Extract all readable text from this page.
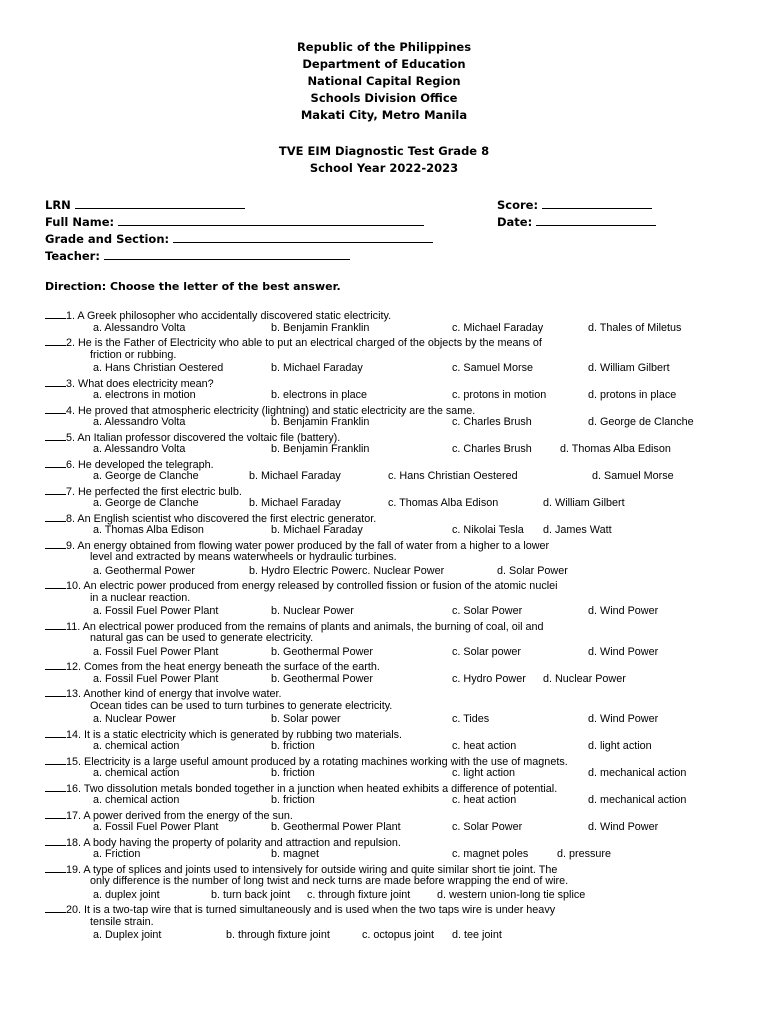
Republic of the Philippines
Department of Education
National Capital Region
Schools Division Office
Makati City, Metro Manila
TVE EIM Diagnostic Test Grade 8
School Year 2022-2023
LRN
Full Name:
Grade and Section:
Teacher:
Score:
Date:
Direction: Choose the letter of the best answer.
1. A Greek philosopher who accidentally discovered static electricity.
a. Alessandro Volta	b. Benjamin Franklin	c. Michael Faraday	d. Thales of Miletus
2. He is the Father of Electricity who able to put an electrical charged of the objects by the means of
friction or rubbing.
a. Hans Christian Oestered	b. Michael Faraday	c. Samuel Morse	d. William Gilbert
3. What does electricity mean?
a. electrons in motion	b. electrons in place	c. protons in motion	d. protons in place
4. He proved that atmospheric electricity (lightning) and static electricity are the same.
a. Alessandro Volta	b. Benjamin Franklin	c. Charles Brush	d. George de Clanche
5. An Italian professor discovered the voltaic file (battery).
a. Alessandro Volta	b. Benjamin Franklin	c. Charles Brush	d. Thomas Alba Edison
6. He developed the telegraph.
a. George de Clanche	b. Michael Faraday	c. Hans Christian Oestered	d. Samuel Morse
7. He perfected the first electric bulb.
a. George de Clanche	b. Michael Faraday	c. Thomas Alba Edison	d. William Gilbert
8. An English scientist who discovered the first electric generator.
a. Thomas Alba Edison	b. Michael Faraday	c. Nikolai Tesla d. James Watt
9. An energy obtained from flowing water power produced by the fall of water from a higher to a lower
level and extracted by means waterwheels or hydraulic turbines.
a. Geothermal Power	b. Hydro Electric Power c. Nuclear Power	d. Solar Power
10. An electric power produced from energy released by controlled fission or fusion of the atomic nuclei
in a nuclear reaction.
a. Fossil Fuel Power Plant	b. Nuclear Power	c. Solar Power	d. Wind Power
11. An electrical power produced from the remains of plants and animals, the burning of coal, oil and
natural gas can be used to generate electricity.
a. Fossil Fuel Power Plant	b. Geothermal Power	c. Solar power	d. Wind Power
12. Comes from the heat energy beneath the surface of the earth.
a. Fossil Fuel Power Plant	b. Geothermal Power	c. Hydro Power d. Nuclear Power
13. Another kind of energy that involve water.
Ocean tides can be used to turn turbines to generate electricity.
a. Nuclear Power	b. Solar power	c. Tides	d. Wind Power
14. It is a static electricity which is generated by rubbing two materials.
a. chemical action	b. friction	c. heat action	d. light action
15. Electricity is a large useful amount produced by a rotating machines working with the use of magnets.
a. chemical action	b. friction	c. light action	d. mechanical action
16. Two dissolution metals bonded together in a junction when heated exhibits a difference of potential.
a. chemical action	b. friction	c. heat action	d. mechanical action
17. A power derived from the energy of the sun.
a. Fossil Fuel Power Plant	b. Geothermal Power Plant	c. Solar Power	d. Wind Power
18. A body having the property of polarity and attraction and repulsion.
a. Friction	b. magnet	c. magnet poles	d. pressure
19. A type of splices and joints used to intensively for outside wiring and quite similar short tie joint. The
only difference is the number of long twist and neck turns are made before wrapping the end of wire.
a. duplex joint	b. turn back joint c. through fixture joint d. western union-long tie splice
20. It is a two-tap wire that is turned simultaneously and is used when the two taps wire is under heavy
tensile strain.
a. Duplex joint	b. through fixture joint	c. octopus joint d. tee joint
